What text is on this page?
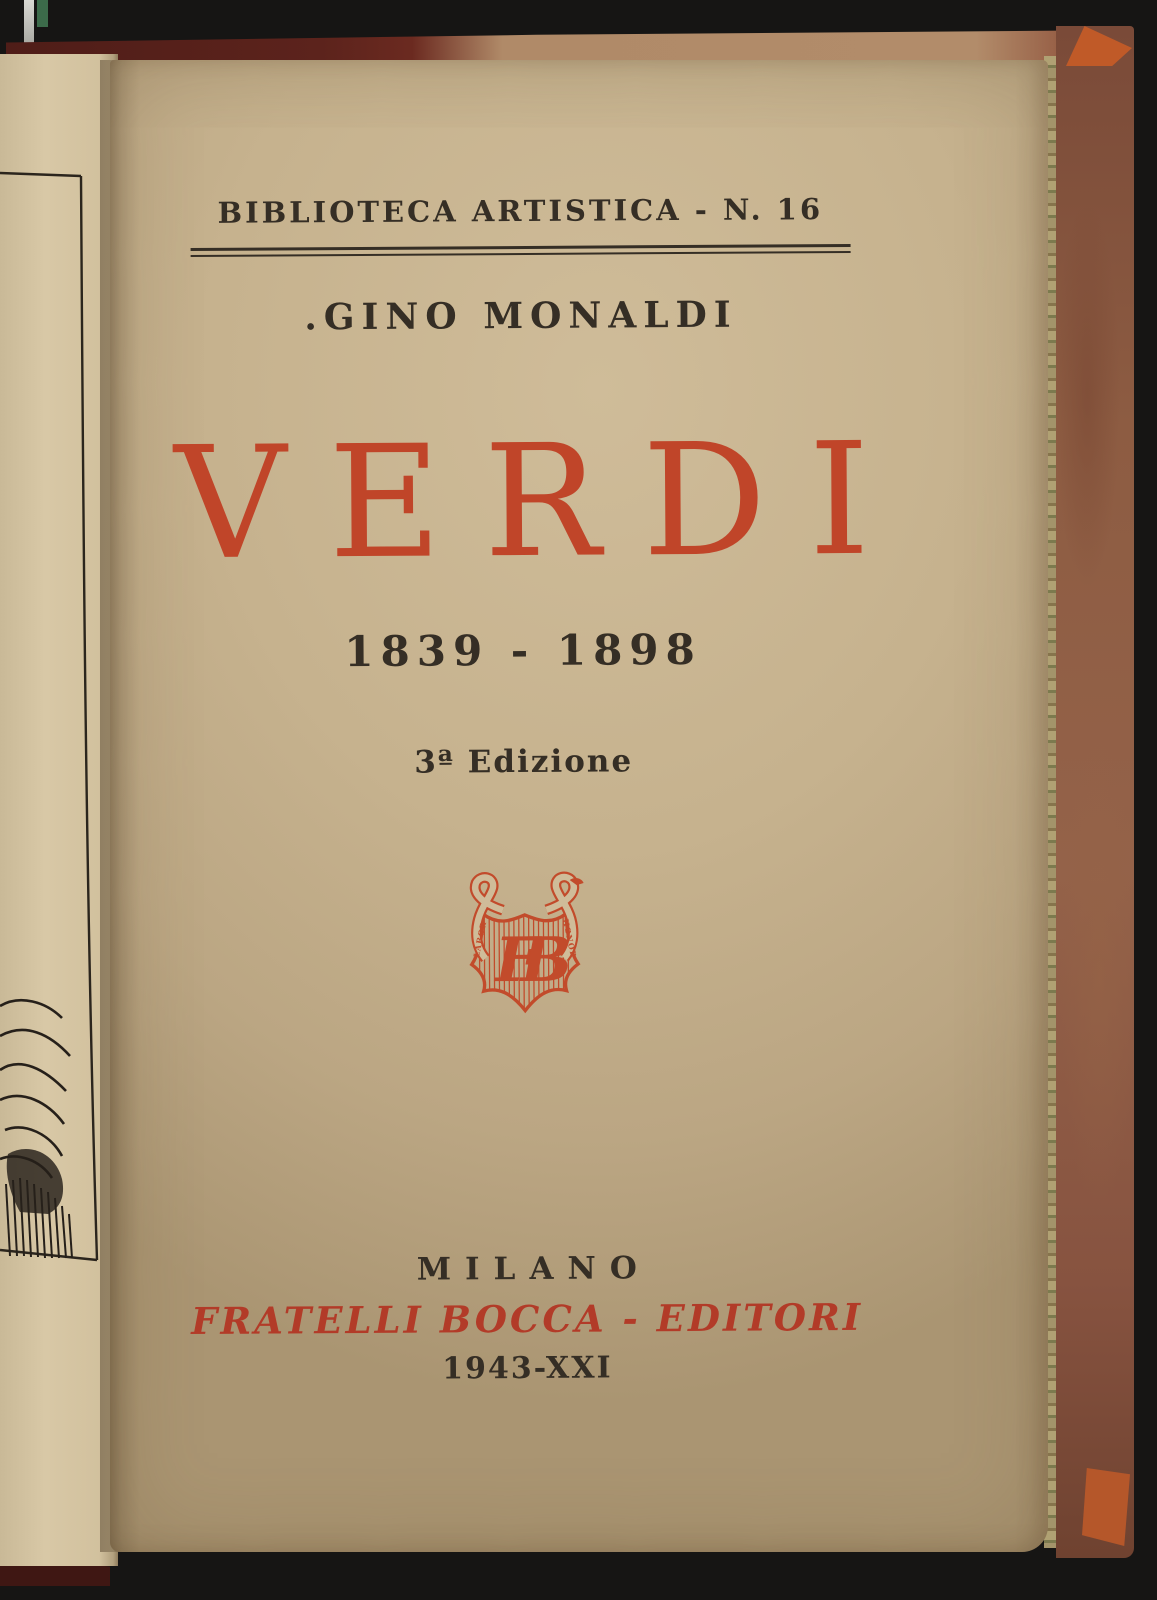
BIBLIOTECA ARTISTICA - N. 16
.GINO MONALDI
VERDI
1839 - 1898
3ª Edizione
FB
LABOR	HONOR
MILANO
FRATELLI BOCCA - EDITORI
1943-XXI
